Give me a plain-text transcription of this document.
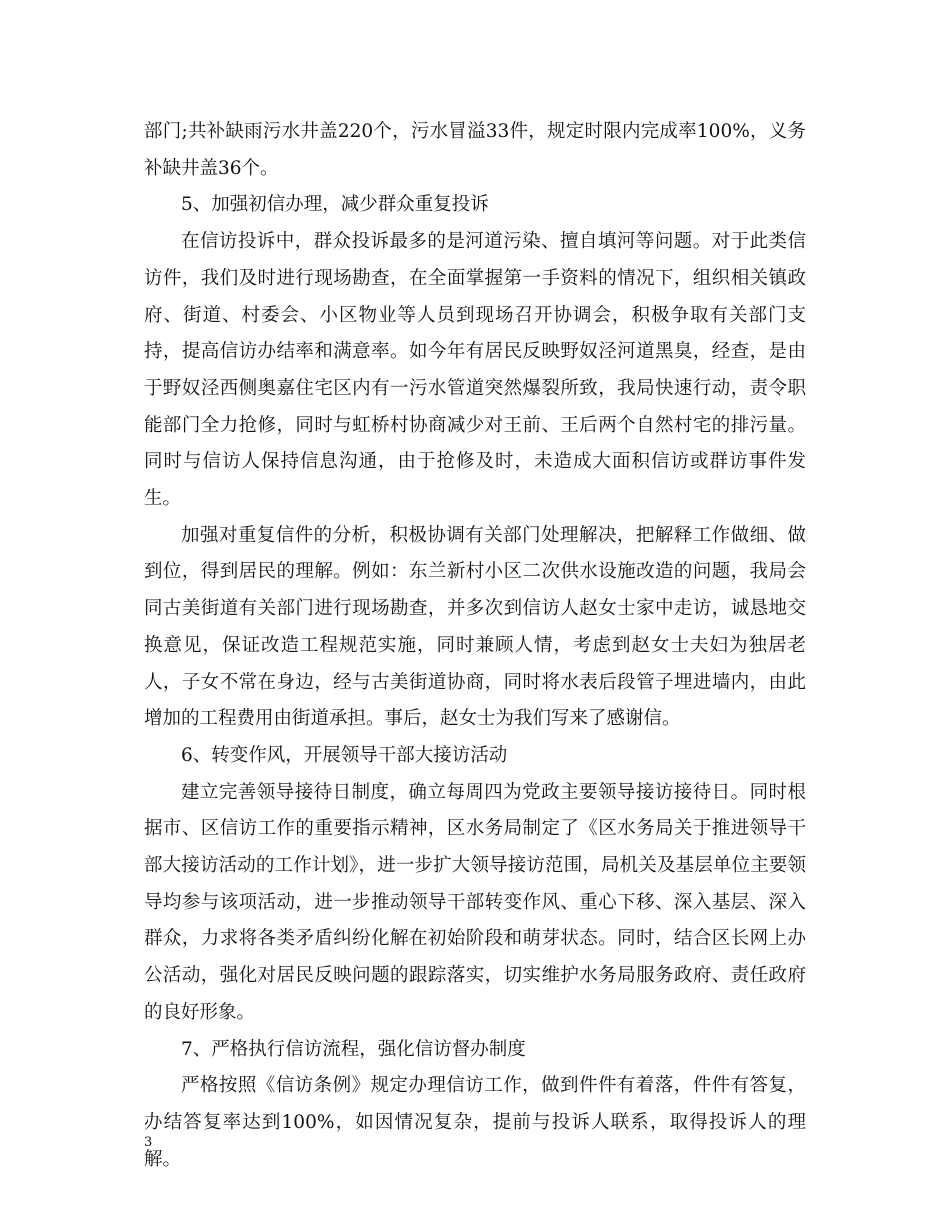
部门;共补缺雨污水井盖220个，污水冒溢33件，规定时限内完成率100%，义务补缺井盖36个。

5、加强初信办理，减少群众重复投诉

在信访投诉中，群众投诉最多的是河道污染、擅自填河等问题。对于此类信访件，我们及时进行现场勘查，在全面掌握第一手资料的情况下，组织相关镇政府、街道、村委会、小区物业等人员到现场召开协调会，积极争取有关部门支持，提高信访办结率和满意率。如今年有居民反映野奴泾河道黑臭，经查，是由于野奴泾西侧奥嘉住宅区内有一污水管道突然爆裂所致，我局快速行动，责令职能部门全力抢修，同时与虹桥村协商减少对王前、王后两个自然村宅的排污量。同时与信访人保持信息沟通，由于抢修及时，未造成大面积信访或群访事件发生。

加强对重复信件的分析，积极协调有关部门处理解决，把解释工作做细、做到位，得到居民的理解。例如：东兰新村小区二次供水设施改造的问题，我局会同古美街道有关部门进行现场勘查，并多次到信访人赵女士家中走访，诚恳地交换意见，保证改造工程规范实施，同时兼顾人情，考虑到赵女士夫妇为独居老人，子女不常在身边，经与古美街道协商，同时将水表后段管子埋进墙内，由此增加的工程费用由街道承担。事后，赵女士为我们写来了感谢信。

6、转变作风，开展领导干部大接访活动

建立完善领导接待日制度，确立每周四为党政主要领导接访接待日。同时根据市、区信访工作的重要指示精神，区水务局制定了《区水务局关于推进领导干部大接访活动的工作计划》，进一步扩大领导接访范围，局机关及基层单位主要领导均参与该项活动，进一步推动领导干部转变作风、重心下移、深入基层、深入群众，力求将各类矛盾纠纷化解在初始阶段和萌芽状态。同时，结合区长网上办公活动，强化对居民反映问题的跟踪落实，切实维护水务局服务政府、责任政府的良好形象。

7、严格执行信访流程，强化信访督办制度

严格按照《信访条例》规定办理信访工作，做到件件有着落，件件有答复，办结答复率达到100%，如因情况复杂，提前与投诉人联系，取得投诉人的理解。

3
